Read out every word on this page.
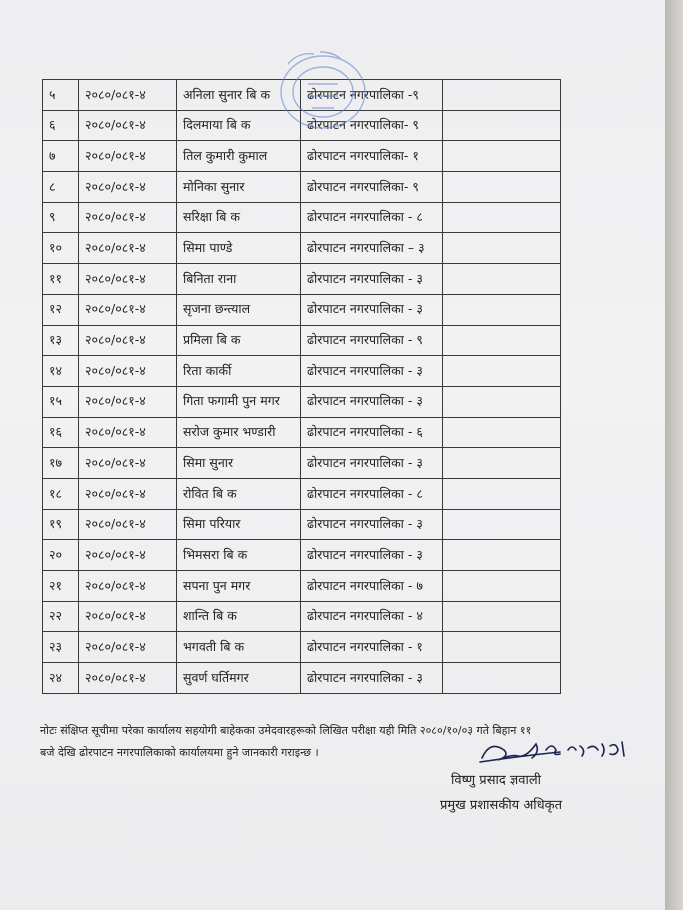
५	२०८०/०८१-४	अनिला सुनार बि क	ढोरपाटन नगरपालिका -९	
६	२०८०/०८१-४	दिलमाया बि क	ढोरपाटन नगरपालिका- ९	
७	२०८०/०८१-४	तिल कुमारी कुमाल	ढोरपाटन नगरपालिका- १	
८	२०८०/०८१-४	मोनिका सुनार	ढोरपाटन नगरपालिका- ९	
९	२०८०/०८१-४	सरिक्षा बि क	ढोरपाटन नगरपालिका - ८	
१०	२०८०/०८१-४	सिमा पाण्डे	ढोरपाटन नगरपालिका – ३	
११	२०८०/०८१-४	बिनिता राना	ढोरपाटन नगरपालिका - ३	
१२	२०८०/०८१-४	सृजना छन्त्याल	ढोरपाटन नगरपालिका - ३	
१३	२०८०/०८१-४	प्रमिला बि क	ढोरपाटन नगरपालिका - ९	
१४	२०८०/०८१-४	रिता कार्की	ढोरपाटन नगरपालिका - ३	
१५	२०८०/०८१-४	गिता फगामी पुन मगर	ढोरपाटन नगरपालिका - ३	
१६	२०८०/०८१-४	सरोज कुमार भण्डारी	ढोरपाटन नगरपालिका - ६	
१७	२०८०/०८१-४	सिमा सुनार	ढोरपाटन नगरपालिका - ३	
१८	२०८०/०८१-४	रोवित बि क	ढोरपाटन नगरपालिका - ८	
१९	२०८०/०८१-४	सिमा परियार	ढोरपाटन नगरपालिका - ३	
२०	२०८०/०८१-४	भिमसरा बि क	ढोरपाटन नगरपालिका - ३	
२१	२०८०/०८१-४	सपना पुन मगर	ढोरपाटन नगरपालिका - ७	
२२	२०८०/०८१-४	शान्ति बि क	ढोरपाटन नगरपालिका - ४	
२३	२०८०/०८१-४	भगवती बि क	ढोरपाटन नगरपालिका - १	
२४	२०८०/०८१-४	सुवर्ण घर्तिमगर	ढोरपाटन नगरपालिका - ३	
नोटः संक्षिप्त सूचीमा परेका कार्यालय सहयोगी बाहेकका उमेदवारहरूको लिखित परीक्षा यही मिति २०८०/१०/०३ गते बिहान ११
बजे देखि ढोरपाटन नगरपालिकाको कार्यालयमा हुने जानकारी गराइन्छ ।
विष्णु प्रसाद ज्ञवाली
प्रमुख प्रशासकीय अधिकृत
